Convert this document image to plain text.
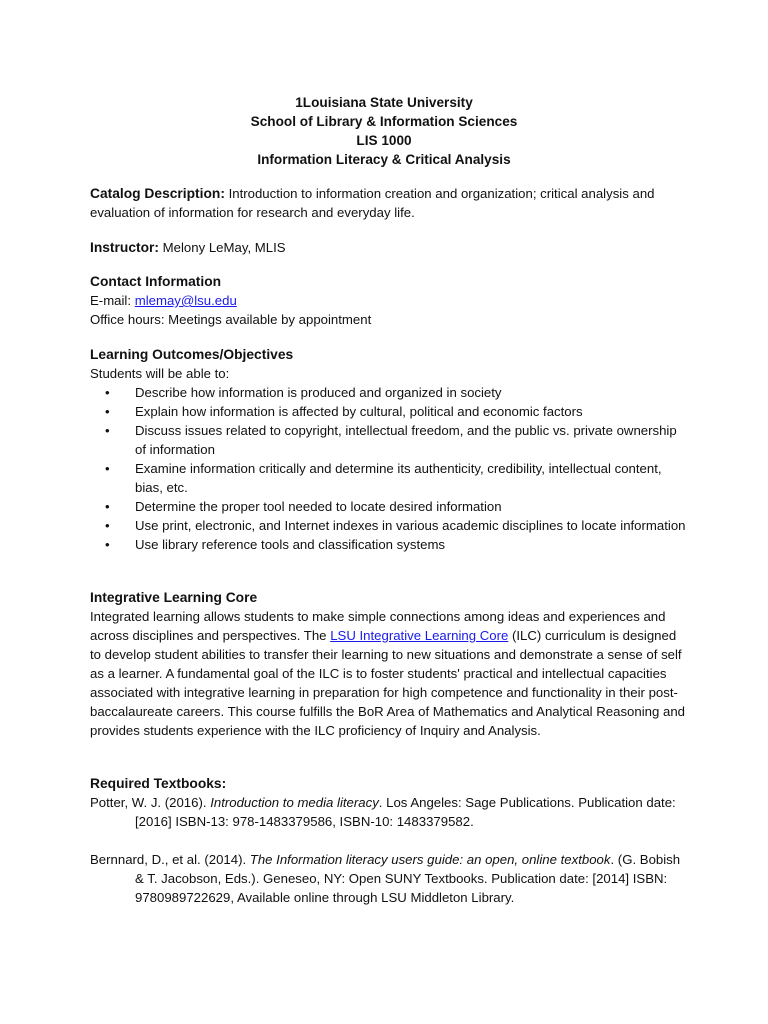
1Louisiana State University
School of Library & Information Sciences
LIS 1000
Information Literacy & Critical Analysis

Catalog Description: Introduction to information creation and organization; critical analysis and evaluation of information for research and everyday life.

Instructor: Melony LeMay, MLIS

Contact Information

E-mail: mlemay@lsu.edu

Office hours: Meetings available by appointment

Learning Outcomes/Objectives

Students will be able to:

• Describe how information is produced and organized in society
• Explain how information is affected by cultural, political and economic factors
• Discuss issues related to copyright, intellectual freedom, and the public vs. private ownership of information
• Examine information critically and determine its authenticity, credibility, intellectual content, bias, etc.
• Determine the proper tool needed to locate desired information
• Use print, electronic, and Internet indexes in various academic disciplines to locate information
• Use library reference tools and classification systems
Integrative Learning Core

Integrated learning allows students to make simple connections among ideas and experiences and across disciplines and perspectives. The LSU Integrative Learning Core (ILC) curriculum is designed to develop student abilities to transfer their learning to new situations and demonstrate a sense of self as a learner. A fundamental goal of the ILC is to foster students' practical and intellectual capacities associated with integrative learning in preparation for high competence and functionality in their post-baccalaureate careers. This course fulfills the BoR Area of Mathematics and Analytical Reasoning and provides students experience with the ILC proficiency of Inquiry and Analysis.

Required Textbooks:

Potter, W. J. (2016). Introduction to media literacy. Los Angeles: Sage Publications. Publication date: [2016] ISBN-13: 978-1483379586, ISBN-10: 1483379582.

Bernnard, D., et al. (2014). The Information literacy users guide: an open, online textbook. (G. Bobish & T. Jacobson, Eds.). Geneseo, NY: Open SUNY Textbooks. Publication date: [2014] ISBN: 9780989722629, Available online through LSU Middleton Library.
